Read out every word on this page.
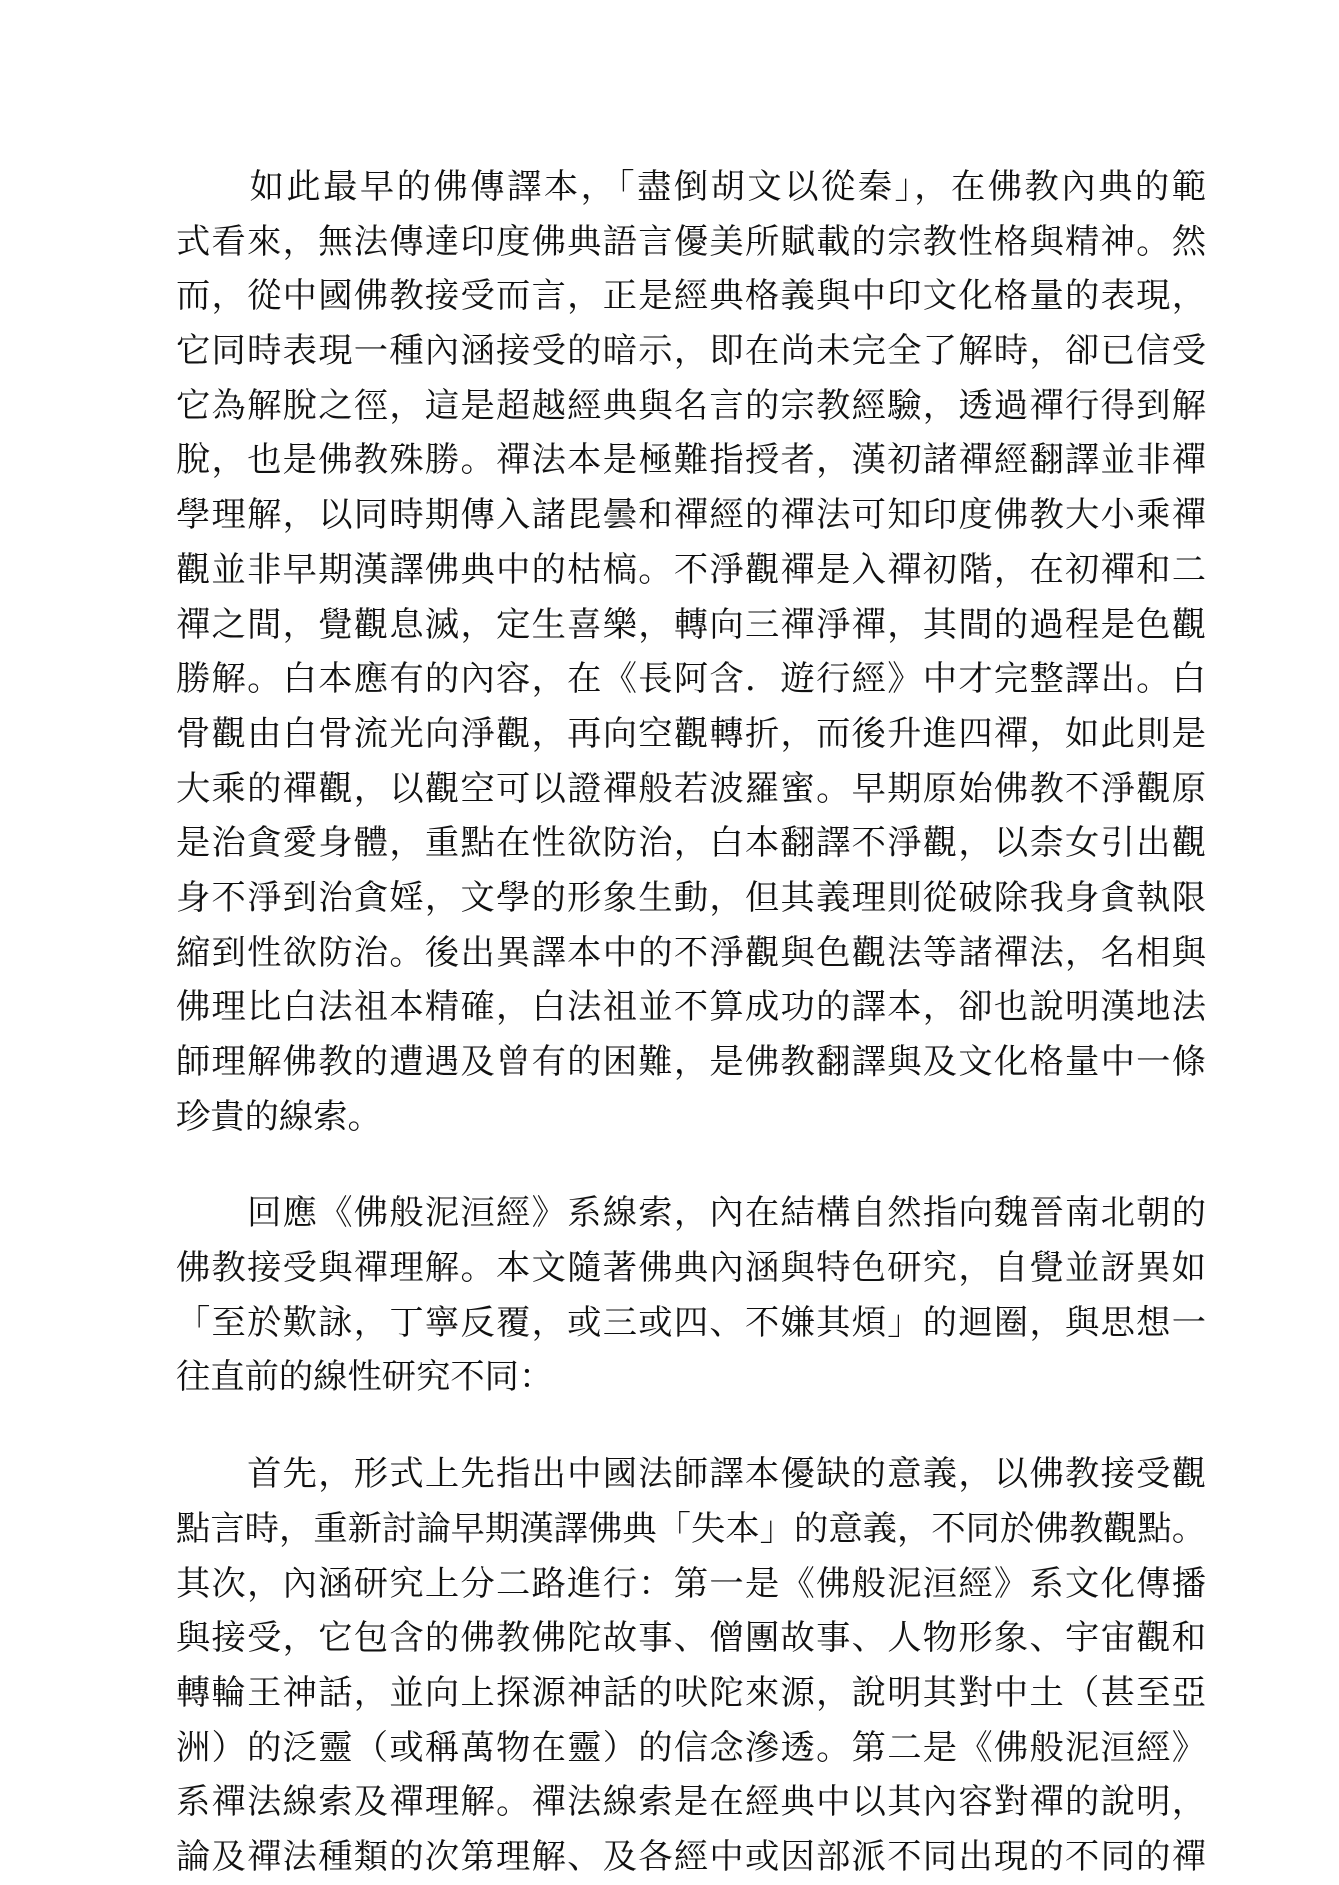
　　如此最早的佛傳譯本，「盡倒胡文以從秦」，在佛教內典的範
式看來，無法傳達印度佛典語言優美所賦載的宗教性格與精神。然
而，從中國佛教接受而言，正是經典格義與中印文化格量的表現，
它同時表現一種內涵接受的暗示，即在尚未完全了解時，卻已信受
它為解脫之徑，這是超越經典與名言的宗教經驗，透過禪行得到解
脫，也是佛教殊勝。禪法本是極難指授者，漢初諸禪經翻譯並非禪
學理解，以同時期傳入諸毘曇和禪經的禪法可知印度佛教大小乘禪
觀並非早期漢譯佛典中的枯槁。不淨觀禪是入禪初階，在初禪和二
禪之間，覺觀息滅，定生喜樂，轉向三禪淨禪，其間的過程是色觀
勝解。白本應有的內容，在《長阿含．遊行經》中才完整譯出。白
骨觀由白骨流光向淨觀，再向空觀轉折，而後升進四禪，如此則是
大乘的禪觀，以觀空可以證禪般若波羅蜜。早期原始佛教不淨觀原
是治貪愛身體，重點在性欲防治，白本翻譯不淨觀，以柰女引出觀
身不淨到治貪婬，文學的形象生動，但其義理則從破除我身貪執限
縮到性欲防治。後出異譯本中的不淨觀與色觀法等諸禪法，名相與
佛理比白法祖本精確，白法祖並不算成功的譯本，卻也說明漢地法
師理解佛教的遭遇及曾有的困難，是佛教翻譯與及文化格量中一條
珍貴的線索。
　　回應《佛般泥洹經》系線索，內在結構自然指向魏晉南北朝的
佛教接受與禪理解。本文隨著佛典內涵與特色研究，自覺並訝異如
「至於歎詠，丁寧反覆，或三或四、不嫌其煩」的迴圈，與思想一
往直前的線性研究不同：
　　首先，形式上先指出中國法師譯本優缺的意義，以佛教接受觀
點言時，重新討論早期漢譯佛典「失本」的意義，不同於佛教觀點。
其次，內涵研究上分二路進行：第一是《佛般泥洹經》系文化傳播
與接受，它包含的佛教佛陀故事、僧團故事、人物形象、宇宙觀和
轉輪王神話，並向上探源神話的吠陀來源，說明其對中土（甚至亞
洲）的泛靈（或稱萬物在靈）的信念滲透。第二是《佛般泥洹經》
系禪法線索及禪理解。禪法線索是在經典中以其內容對禪的說明，
論及禪法種類的次第理解、及各經中或因部派不同出現的不同的禪
